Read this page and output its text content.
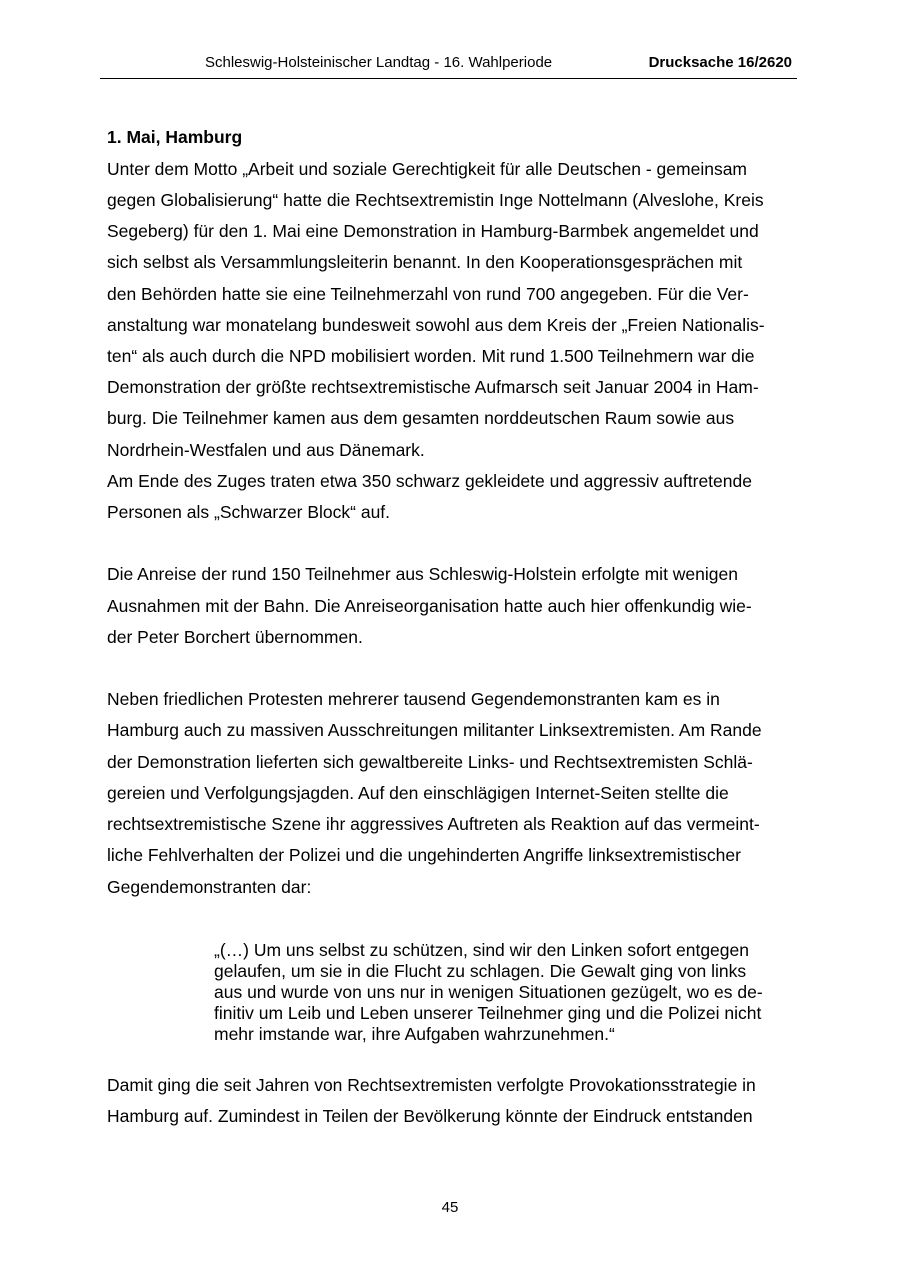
Schleswig-Holsteinischer Landtag - 16. Wahlperiode	Drucksache 16/2620
1. Mai, Hamburg
Unter dem Motto „Arbeit und soziale Gerechtigkeit für alle Deutschen - gemeinsam
gegen Globalisierung“ hatte die Rechtsextremistin Inge Nottelmann (Alveslohe, Kreis
Segeberg) für den 1. Mai eine Demonstration in Hamburg-Barmbek angemeldet und
sich selbst als Versammlungsleiterin benannt. In den Kooperationsgesprächen mit
den Behörden hatte sie eine Teilnehmerzahl von rund 700 angegeben. Für die Ver-
anstaltung war monatelang bundesweit sowohl aus dem Kreis der „Freien Nationalis-
ten“ als auch durch die NPD mobilisiert worden. Mit rund 1.500 Teilnehmern war die
Demonstration der größte rechtsextremistische Aufmarsch seit Januar 2004 in Ham-
burg. Die Teilnehmer kamen aus dem gesamten norddeutschen Raum sowie aus
Nordrhein-Westfalen und aus Dänemark.
Am Ende des Zuges traten etwa 350 schwarz gekleidete und aggressiv auftretende
Personen als „Schwarzer Block“ auf.
Die Anreise der rund 150 Teilnehmer aus Schleswig-Holstein erfolgte mit wenigen
Ausnahmen mit der Bahn. Die Anreiseorganisation hatte auch hier offenkundig wie-
der Peter Borchert übernommen.
Neben friedlichen Protesten mehrerer tausend Gegendemonstranten kam es in
Hamburg auch zu massiven Ausschreitungen militanter Linksextremisten. Am Rande
der Demonstration lieferten sich gewaltbereite Links- und Rechtsextremisten Schlä-
gereien und Verfolgungsjagden. Auf den einschlägigen Internet-Seiten stellte die
rechtsextremistische Szene ihr aggressives Auftreten als Reaktion auf das vermeint-
liche Fehlverhalten der Polizei und die ungehinderten Angriffe linksextremistischer
Gegendemonstranten dar:
„(…) Um uns selbst zu schützen, sind wir den Linken sofort entgegen
gelaufen, um sie in die Flucht zu schlagen. Die Gewalt ging von links
aus und wurde von uns nur in wenigen Situationen gezügelt, wo es de-
finitiv um Leib und Leben unserer Teilnehmer ging und die Polizei nicht
mehr imstande war, ihre Aufgaben wahrzunehmen.“
Damit ging die seit Jahren von Rechtsextremisten verfolgte Provokationsstrategie in
Hamburg auf. Zumindest in Teilen der Bevölkerung könnte der Eindruck entstanden
45
